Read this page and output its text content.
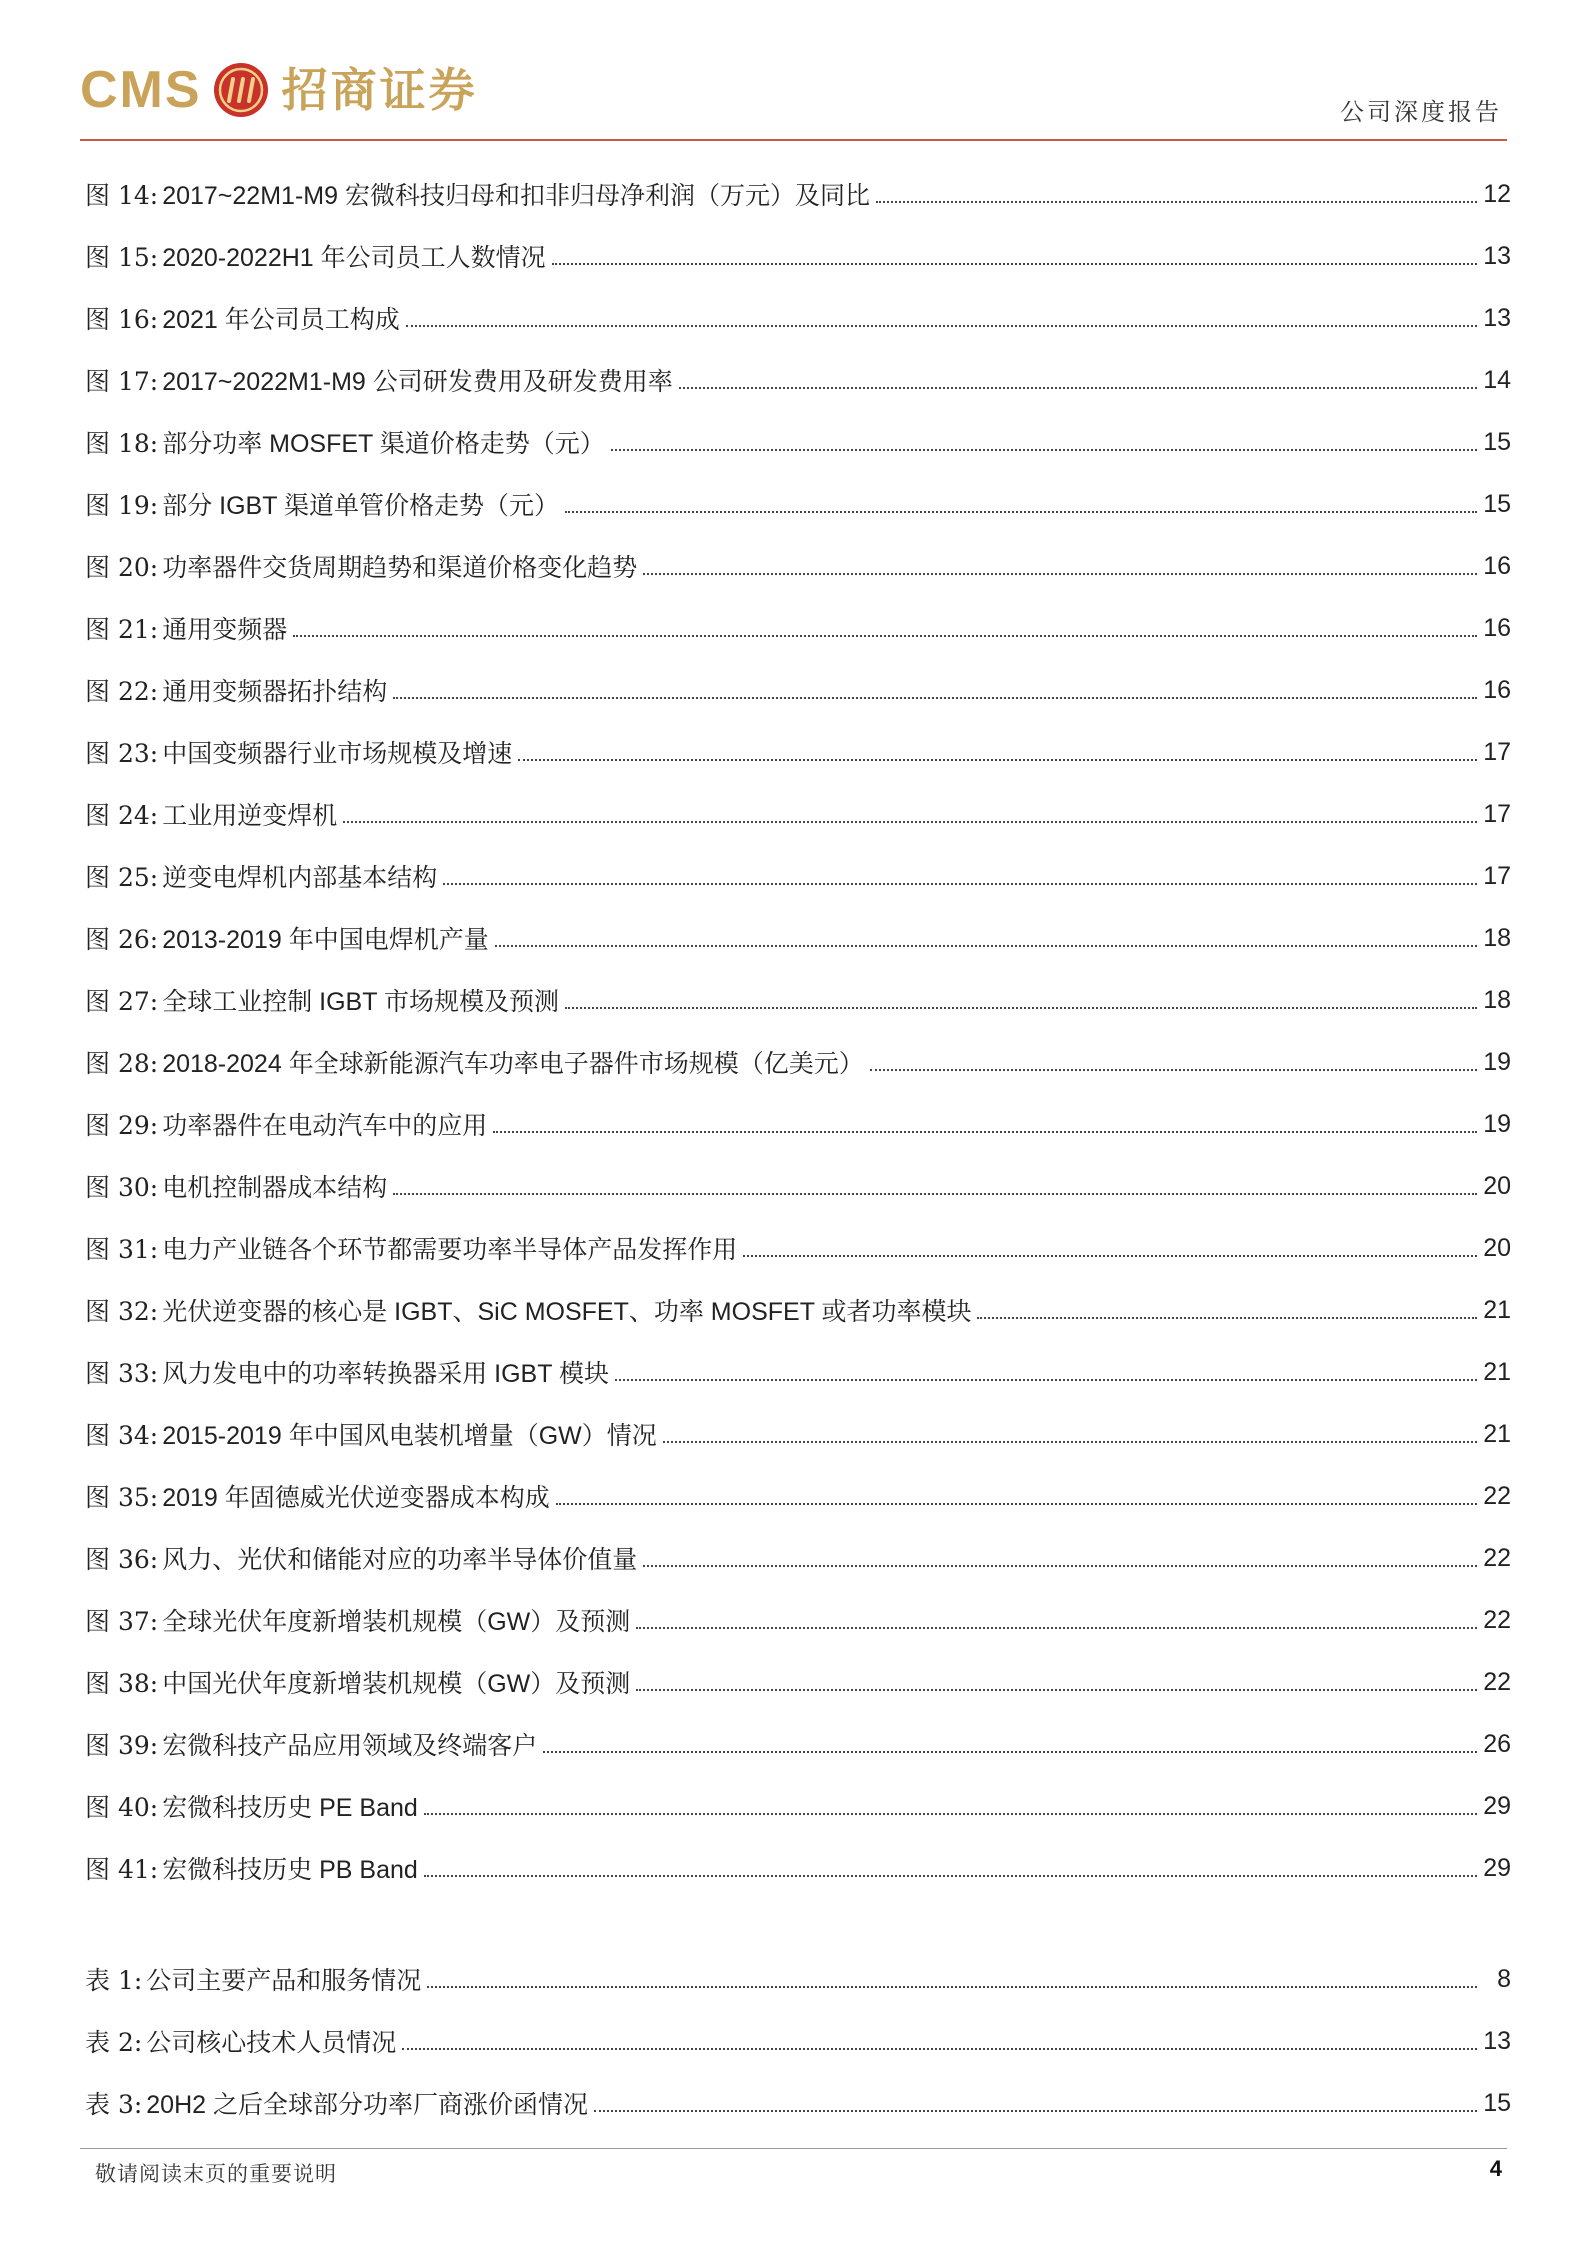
CMS 招商证券	公司深度报告
图 14: 2017~22M1-M9 宏微科技归母和扣非归母净利润（万元）及同比	12
图 15: 2020-2022H1 年公司员工人数情况	13
图 16: 2021 年公司员工构成	13
图 17: 2017~2022M1-M9 公司研发费用及研发费用率	14
图 18: 部分功率 MOSFET 渠道价格走势（元）	15
图 19: 部分 IGBT 渠道单管价格走势（元）	15
图 20: 功率器件交货周期趋势和渠道价格变化趋势	16
图 21: 通用变频器	16
图 22: 通用变频器拓扑结构	16
图 23: 中国变频器行业市场规模及增速	17
图 24: 工业用逆变焊机	17
图 25: 逆变电焊机内部基本结构	17
图 26: 2013-2019 年中国电焊机产量	18
图 27: 全球工业控制 IGBT 市场规模及预测	18
图 28: 2018-2024 年全球新能源汽车功率电子器件市场规模（亿美元）	19
图 29: 功率器件在电动汽车中的应用	19
图 30: 电机控制器成本结构	20
图 31: 电力产业链各个环节都需要功率半导体产品发挥作用	20
图 32: 光伏逆变器的核心是 IGBT、SiC MOSFET、功率 MOSFET 或者功率模块	21
图 33: 风力发电中的功率转换器采用 IGBT 模块	21
图 34: 2015-2019 年中国风电装机增量（GW）情况	21
图 35: 2019 年固德威光伏逆变器成本构成	22
图 36: 风力、光伏和储能对应的功率半导体价值量	22
图 37: 全球光伏年度新增装机规模（GW）及预测	22
图 38: 中国光伏年度新增装机规模（GW）及预测	22
图 39: 宏微科技产品应用领域及终端客户	26
图 40: 宏微科技历史 PE Band	29
图 41: 宏微科技历史 PB Band	29
表 1: 公司主要产品和服务情况	8
表 2: 公司核心技术人员情况	13
表 3: 20H2 之后全球部分功率厂商涨价函情况	15
敬请阅读末页的重要说明	4
